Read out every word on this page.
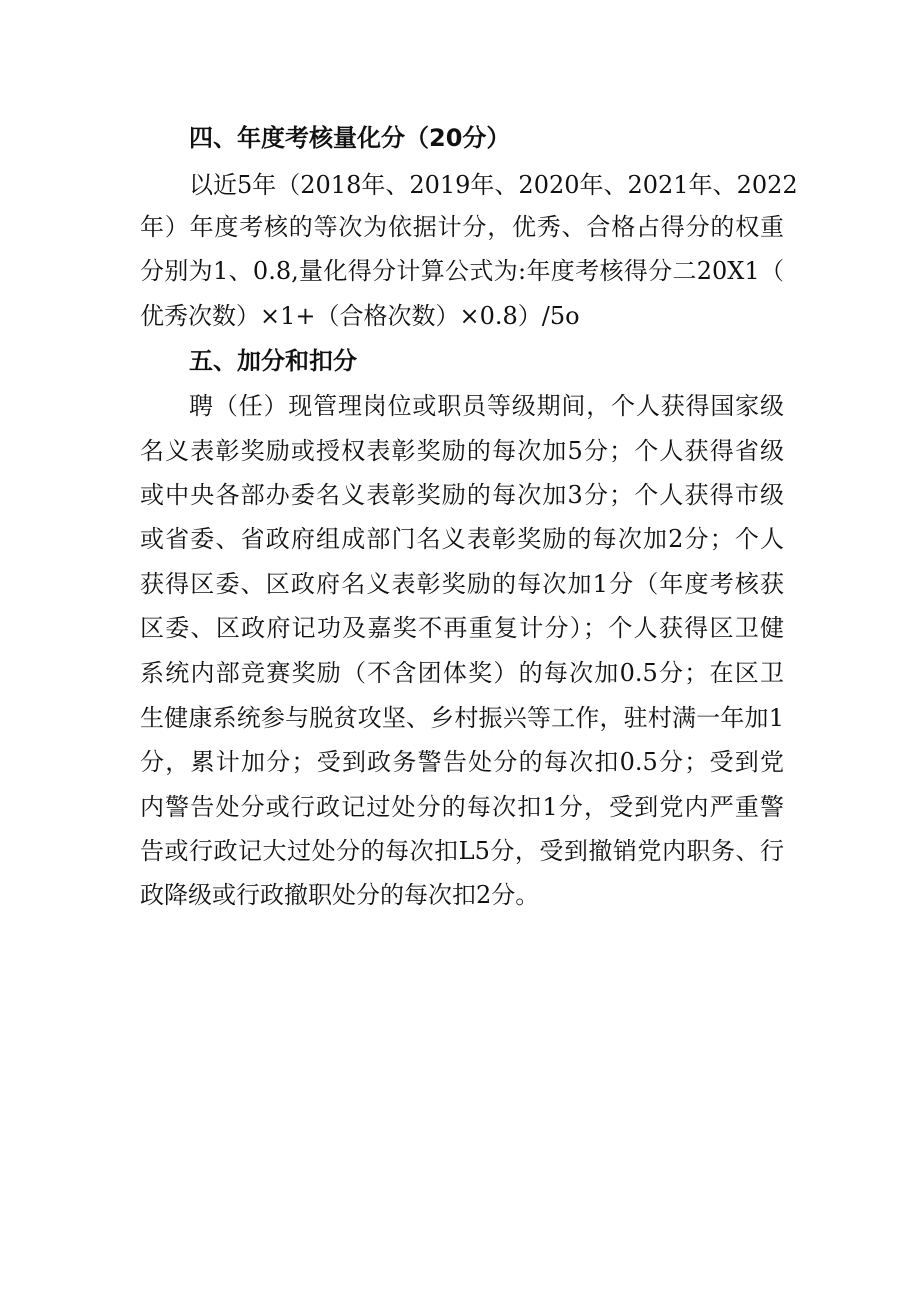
四、年度考核量化分（20分）
以近5年（2018年、2019年、2020年、2021年、2022
年）年度考核的等次为依据计分，优秀、合格占得分的权重
分别为1、0.8,量化得分计算公式为:年度考核得分二20X1（
优秀次数）×1+（合格次数）×0.8）/5o
五、加分和扣分
聘（任）现管理岗位或职员等级期间，个人获得国家级
名义表彰奖励或授权表彰奖励的每次加5分；个人获得省级
或中央各部办委名义表彰奖励的每次加3分；个人获得市级
或省委、省政府组成部门名义表彰奖励的每次加2分；个人
获得区委、区政府名义表彰奖励的每次加1分（年度考核获
区委、区政府记功及嘉奖不再重复计分）；个人获得区卫健
系统内部竞赛奖励（不含团体奖）的每次加0.5分；在区卫
生健康系统参与脱贫攻坚、乡村振兴等工作，驻村满一年加1
分，累计加分；受到政务警告处分的每次扣0.5分；受到党
内警告处分或行政记过处分的每次扣1分，受到党内严重警
告或行政记大过处分的每次扣L5分，受到撤销党内职务、行
政降级或行政撤职处分的每次扣2分。
